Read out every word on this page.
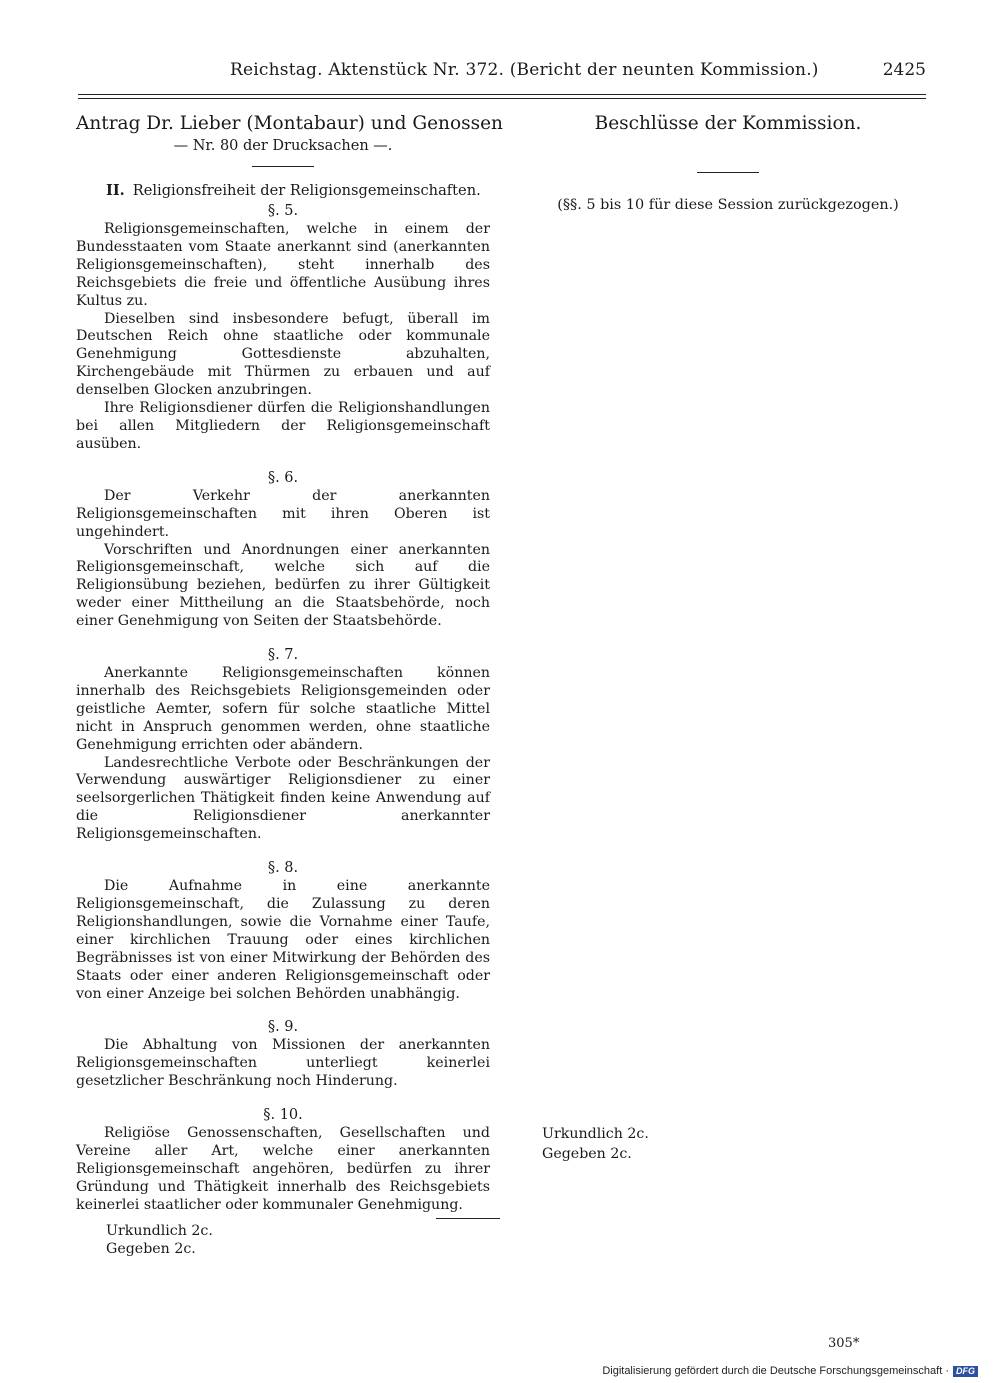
Reichstag. Aktenstück Nr. 372. (Bericht der neunten Kommission.)	2425

Antrag Dr. Lieber (Montabaur) und Genossen

— Nr. 80 der Drucksachen —.

II. Religionsfreiheit der Religionsgemeinschaften.

§. 5.

Religionsgemeinschaften, welche in einem der Bundesstaaten vom Staate anerkannt sind (anerkannten Religionsgemeinschaften), steht innerhalb des Reichsgebiets die freie und öffentliche Ausübung ihres Kultus zu.

Dieselben sind insbesondere befugt, überall im Deutschen Reich ohne staatliche oder kommunale Genehmigung Gottesdienste abzuhalten, Kirchengebäude mit Thürmen zu erbauen und auf denselben Glocken anzubringen.

Ihre Religionsdiener dürfen die Religionshandlungen bei allen Mitgliedern der Religionsgemeinschaft ausüben.

§. 6.

Der Verkehr der anerkannten Religionsgemeinschaften mit ihren Oberen ist ungehindert.

Vorschriften und Anordnungen einer anerkannten Religionsgemeinschaft, welche sich auf die Religionsübung beziehen, bedürfen zu ihrer Gültigkeit weder einer Mittheilung an die Staatsbehörde, noch einer Genehmigung von Seiten der Staatsbehörde.

§. 7.

Anerkannte Religionsgemeinschaften können innerhalb des Reichsgebiets Religionsgemeinden oder geistliche Aemter, sofern für solche staatliche Mittel nicht in Anspruch genommen werden, ohne staatliche Genehmigung errichten oder abändern.

Landesrechtliche Verbote oder Beschränkungen der Verwendung auswärtiger Religionsdiener zu einer seelsorgerlichen Thätigkeit finden keine Anwendung auf die Religionsdiener anerkannter Religionsgemeinschaften.

§. 8.

Die Aufnahme in eine anerkannte Religionsgemeinschaft, die Zulassung zu deren Religionshandlungen, sowie die Vornahme einer Taufe, einer kirchlichen Trauung oder eines kirchlichen Begräbnisses ist von einer Mitwirkung der Behörden des Staats oder einer anderen Religionsgemeinschaft oder von einer Anzeige bei solchen Behörden unabhängig.

§. 9.

Die Abhaltung von Missionen der anerkannten Religionsgemeinschaften unterliegt keinerlei gesetzlicher Beschränkung noch Hinderung.

§. 10.

Religiöse Genossenschaften, Gesellschaften und Vereine aller Art, welche einer anerkannten Religionsgemeinschaft angehören, bedürfen zu ihrer Gründung und Thätigkeit innerhalb des Reichsgebiets keinerlei staatlicher oder kommunaler Genehmigung.

Urkundlich 2c.

Gegeben 2c.

Beschlüsse der Kommission.

(§§. 5 bis 10 für diese Session zurückgezogen.)

Urkundlich 2c.
Gegeben 2c.
305*
Digitalisierung gefördert durch die Deutsche Forschungsgemeinschaft · DFG
